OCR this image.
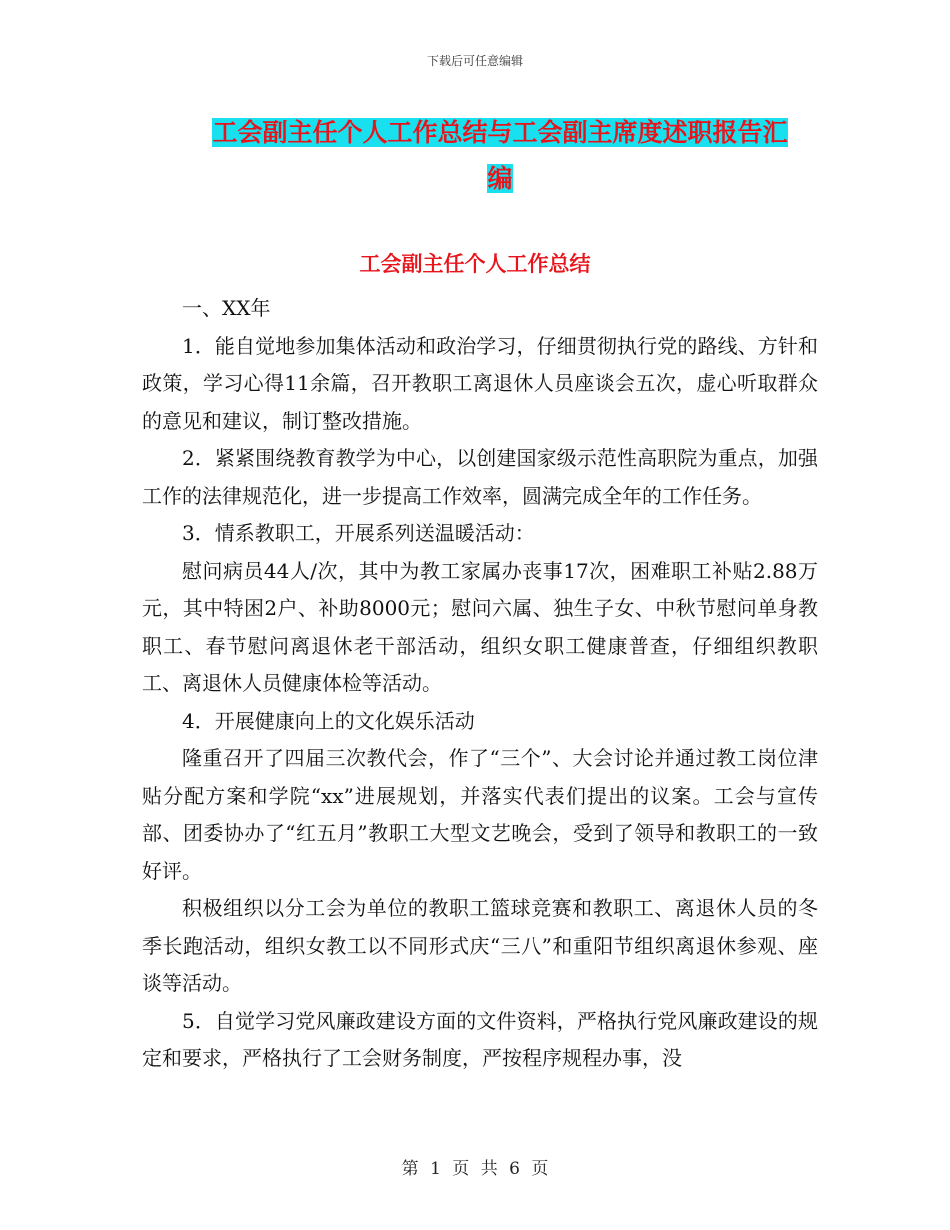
下载后可任意编辑
工会副主任个人工作总结与工会副主席度述职报告汇
编
工会副主任个人工作总结

一、XX年

1．能自觉地参加集体活动和政治学习，仔细贯彻执行党的路线、方针和政策，学习心得11余篇，召开教职工离退休人员座谈会五次，虚心听取群众的意见和建议，制订整改措施。

2．紧紧围绕教育教学为中心，以创建国家级示范性高职院为重点，加强工作的法律规范化，进一步提高工作效率，圆满完成全年的工作任务。

3．情系教职工，开展系列送温暖活动：

慰问病员44人/次，其中为教工家属办丧事17次，困难职工补贴2.88万元，其中特困2户、补助8000元；慰问六属、独生子女、中秋节慰问单身教职工、春节慰问离退休老干部活动，组织女职工健康普查，仔细组织教职工、离退休人员健康体检等活动。

4．开展健康向上的文化娱乐活动

隆重召开了四届三次教代会，作了“三个”、大会讨论并通过教工岗位津贴分配方案和学院“xx”进展规划，并落实代表们提出的议案。工会与宣传部、团委协办了“红五月”教职工大型文艺晚会，受到了领导和教职工的一致好评。

积极组织以分工会为单位的教职工篮球竞赛和教职工、离退休人员的冬季长跑活动，组织女教工以不同形式庆“三八”和重阳节组织离退休参观、座谈等活动。

5．自觉学习党风廉政建设方面的文件资料，严格执行党风廉政建设的规定和要求，严格执行了工会财务制度，严按程序规程办事，没

第 1 页 共 6 页
